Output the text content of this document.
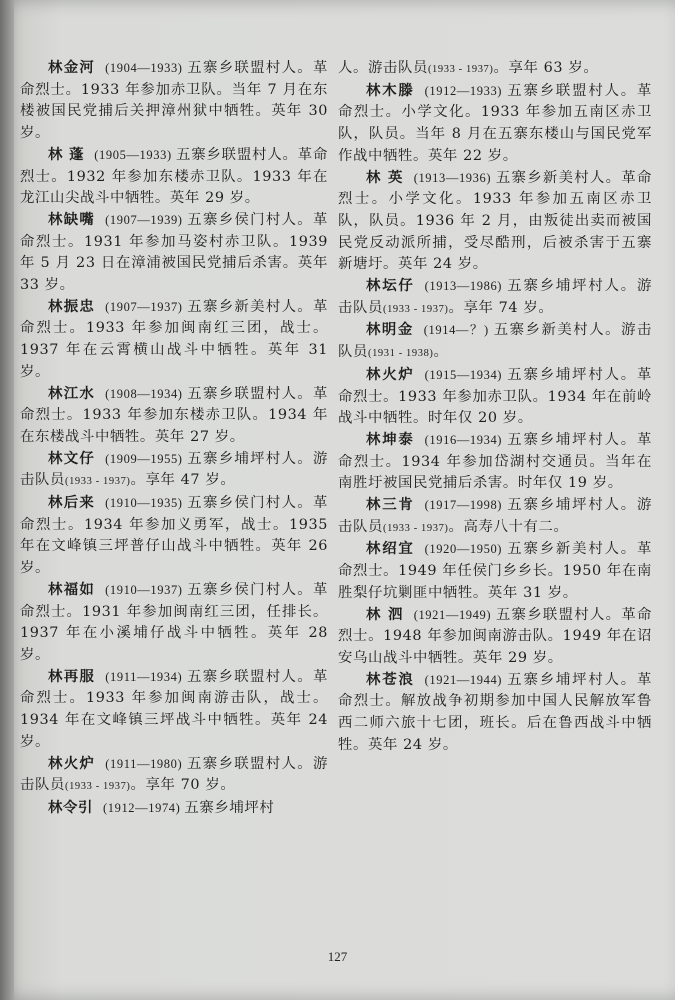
林金河 (1904—1933) 五寨乡联盟村人。革命烈士。1933 年参加赤卫队。当年 7 月在东楼被国民党捕后关押漳州狱中牺牲。英年 30 岁。

林 蓬 (1905—1933) 五寨乡联盟村人。革命烈士。1932 年参加东楼赤卫队。1933 年在龙江山尖战斗中牺牲。英年 29 岁。

林缺嘴 (1907—1939) 五寨乡侯门村人。革命烈士。1931 年参加马姿村赤卫队。1939 年 5 月 23 日在漳浦被国民党捕后杀害。英年 33 岁。

林振忠 (1907—1937) 五寨乡新美村人。革命烈士。1933 年参加闽南红三团，战士。1937 年在云霄横山战斗中牺牲。英年 31 岁。

林江水 (1908—1934) 五寨乡联盟村人。革命烈士。1933 年参加东楼赤卫队。1934 年在东楼战斗中牺牲。英年 27 岁。

林文仔 (1909—1955) 五寨乡埔坪村人。游击队员(1933 - 1937)。享年 47 岁。

林后来 (1910—1935) 五寨乡侯门村人。革命烈士。1934 年参加义勇军，战士。1935 年在文峰镇三坪普仔山战斗中牺牲。英年 26 岁。

林福如 (1910—1937) 五寨乡侯门村人。革命烈士。1931 年参加闽南红三团，任排长。1937 年在小溪埔仔战斗中牺牲。英年 28 岁。

林再服 (1911—1934) 五寨乡联盟村人。革命烈士。1933 年参加闽南游击队，战士。1934 年在文峰镇三坪战斗中牺牲。英年 24 岁。

林火炉 (1911—1980) 五寨乡联盟村人。游击队员(1933 - 1937)。享年 70 岁。

林令引 (1912—1974) 五寨乡埔坪村

人。游击队员(1933 - 1937)。享年 63 岁。

林木滕 (1912—1933) 五寨乡联盟村人。革命烈士。小学文化。1933 年参加五南区赤卫队，队员。当年 8 月在五寨东楼山与国民党军作战中牺牲。英年 22 岁。

林 英 (1913—1936) 五寨乡新美村人。革命烈士。小学文化。1933 年参加五南区赤卫队，队员。1936 年 2 月，由叛徒出卖而被国民党反动派所捕，受尽酷刑，后被杀害于五寨新塘圩。英年 24 岁。

林坛仔 (1913—1986) 五寨乡埔坪村人。游击队员(1933 - 1937)。享年 74 岁。

林明金 (1914—？) 五寨乡新美村人。游击队员(1931 - 1938)。

林火炉 (1915—1934) 五寨乡埔坪村人。革命烈士。1933 年参加赤卫队。1934 年在前岭战斗中牺牲。时年仅 20 岁。

林坤泰 (1916—1934) 五寨乡埔坪村人。革命烈士。1934 年参加岱湖村交通员。当年在南胜圩被国民党捕后杀害。时年仅 19 岁。

林三肯 (1917—1998) 五寨乡埔坪村人。游击队员(1933 - 1937)。高寿八十有二。

林绍宜 (1920—1950) 五寨乡新美村人。革命烈士。1949 年任侯门乡乡长。1950 年在南胜梨仔坑剿匪中牺牲。英年 31 岁。

林 泗 (1921—1949) 五寨乡联盟村人。革命烈士。1948 年参加闽南游击队。1949 年在诏安乌山战斗中牺牲。英年 29 岁。

林苍浪 (1921—1944) 五寨乡埔坪村人。革命烈士。解放战争初期参加中国人民解放军鲁西二师六旅十七团，班长。后在鲁西战斗中牺牲。英年 24 岁。

127
